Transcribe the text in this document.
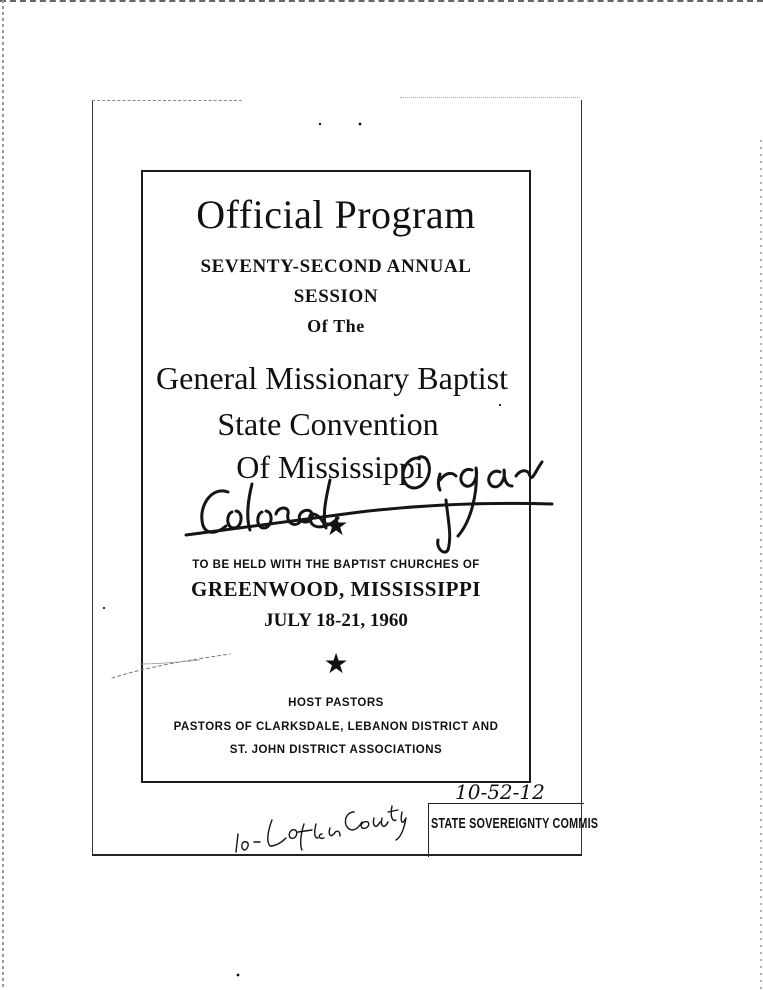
Official Program
SEVENTY-SECOND ANNUAL
SESSION
Of The
General Missionary Baptist
State Convention
Of Mississippi
★
TO BE HELD WITH THE BAPTIST CHURCHES OF
GREENWOOD, MISSISSIPPI
JULY 18-21, 1960
★
HOST PASTORS
PASTORS OF CLARKSDALE, LEBANON DISTRICT AND
ST. JOHN DISTRICT ASSOCIATIONS
10-52-12
STATE SOVEREIGNTY COMMIS
